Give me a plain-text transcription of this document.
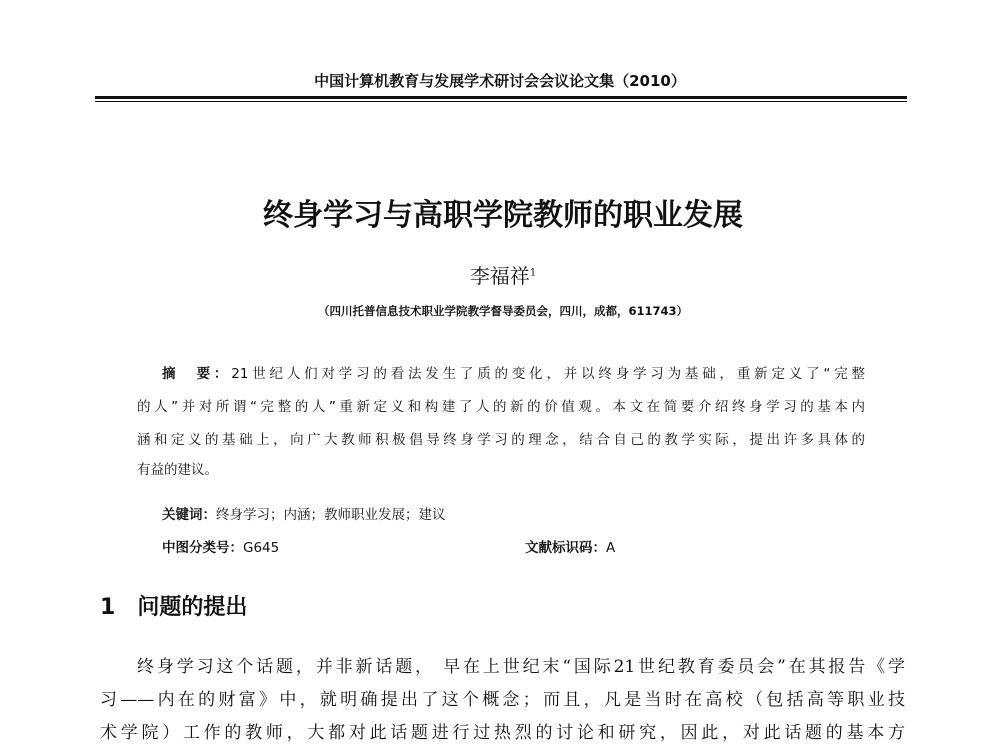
中国计算机教育与发展学术研讨会会议论文集（2010）
终身学习与高职学院教师的职业发展
李福祥$^1$
（四川托普信息技术职业学院教学督导委员会，四川，成都，611743）
摘　要：21世纪人们对学习的看法发生了质的变化，并以终身学习为基础，重新定义了“完整
的人”并对所谓“完整的人”重新定义和构建了人的新的价值观。本文在简要介绍终身学习的基本内
涵和定义的基础上，向广大教师积极倡导终身学习的理念，结合自己的教学实际，提出许多具体的
有益的建议。
关键词：终身学习；内涵；教师职业发展；建议
中图分类号：G645	文献标识码：A
1 问题的提出
终身学习这个话题，并非新话题， 早在上世纪末“国际21世纪教育委员会”在其报告《学
习——内在的财富》中，就明确提出了这个概念；而且，凡是当时在高校（包括高等职业技
术学院）工作的教师，大都对此话题进行过热烈的讨论和研究，因此，对此话题的基本方
